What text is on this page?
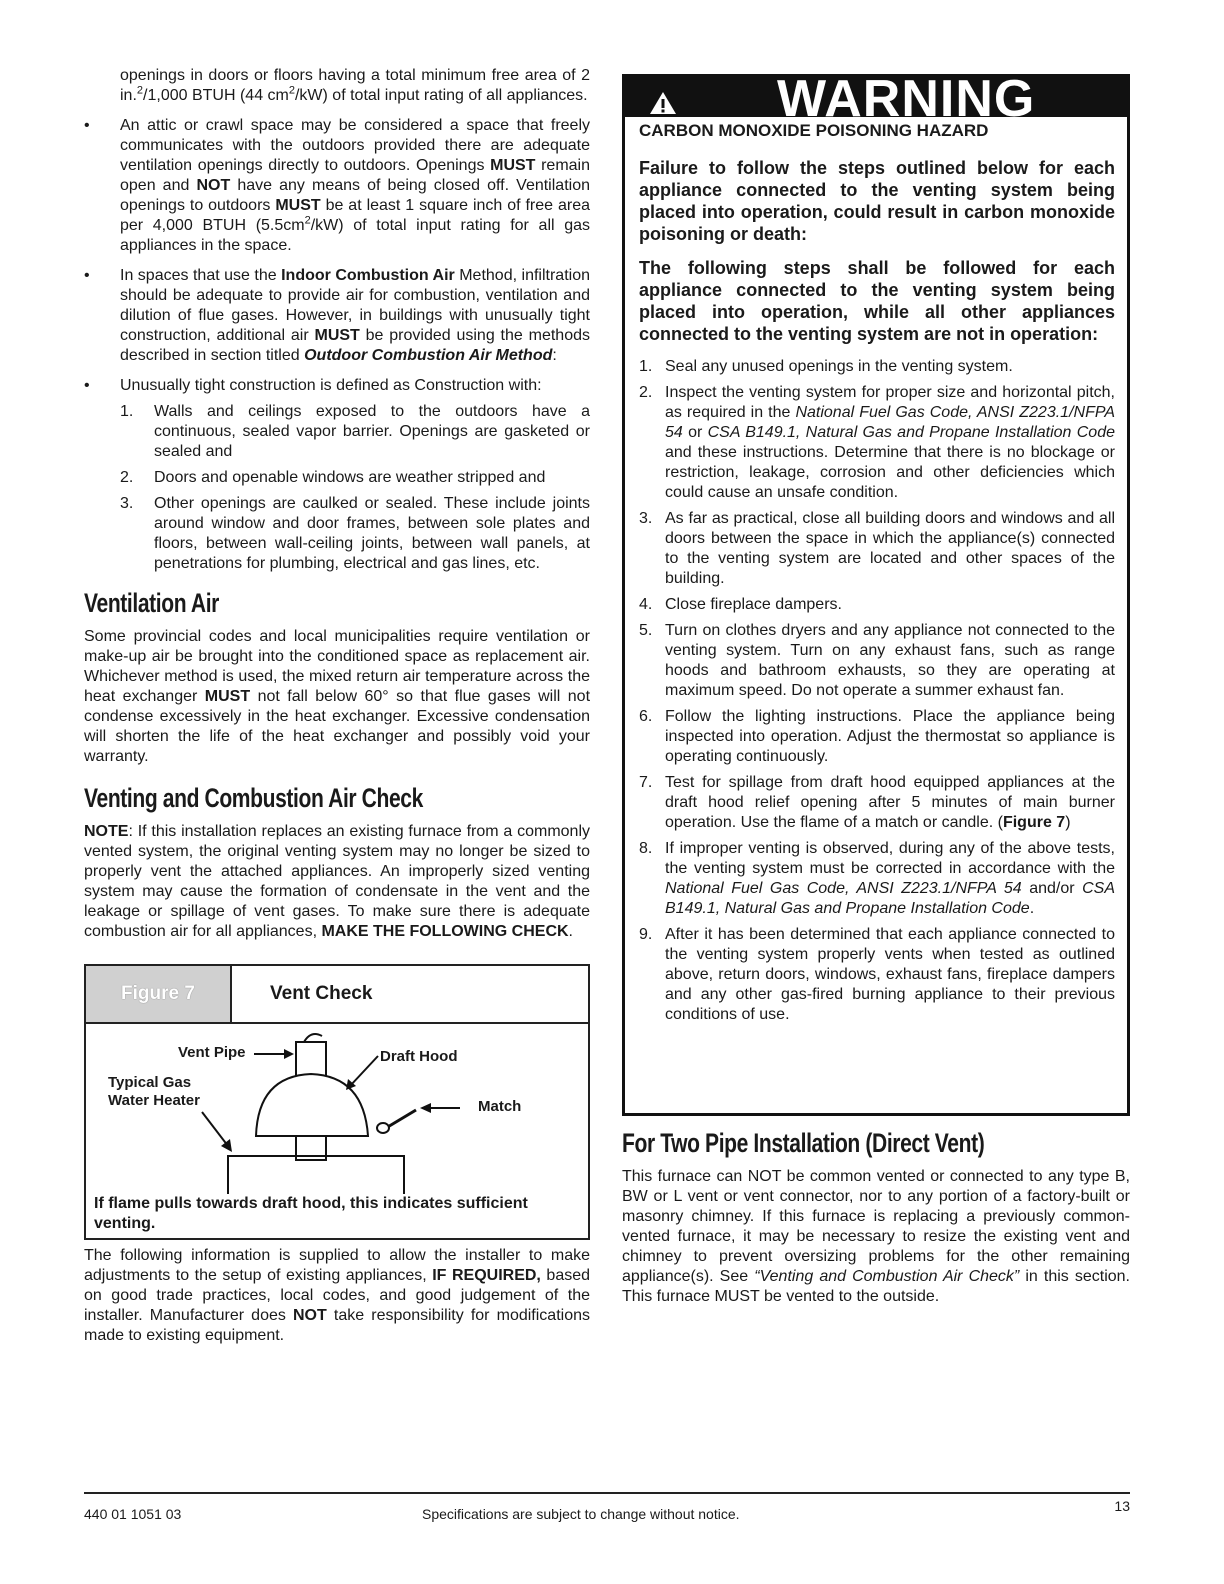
openings in doors or floors having a total minimum free area of 2 in.$^2$/1,000 BTUH (44 $cm^2/kW$) of total input rating of all appliances.

• An attic or crawl space may be considered a space that freely communicates with the outdoors provided there are adequate ventilation openings directly to outdoors. Openings MUST remain open and NOT have any means of being closed off. Ventilation openings to outdoors MUST be at least 1 square inch of free area per 4,000 BTUH $(5.5cm^2/kW)$ of total input rating for all gas appliances in the space.
• In spaces that use the Indoor Combustion Air Method, infiltration should be adequate to provide air for combustion, ventilation and dilution of flue gases. However, in buildings with unusually tight construction, additional air MUST be provided using the methods described in section titled Outdoor Combustion Air Method:
• Unusually tight construction is defined as Construction with:
1. Walls and ceilings exposed to the outdoors have a continuous, sealed vapor barrier. Openings are gasketed or sealed and
2. Doors and openable windows are weather stripped and
3. Other openings are caulked or sealed. These include joints around window and door frames, between sole plates and floors, between wall-ceiling joints, between wall panels, at penetrations for plumbing, electrical and gas lines, etc.
Ventilation Air

Some provincial codes and local municipalities require ventilation or make-up air be brought into the conditioned space as replacement air. Whichever method is used, the mixed return air temperature across the heat exchanger MUST not fall below 60° so that flue gases will not condense excessively in the heat exchanger. Excessive condensation will shorten the life of the heat exchanger and possibly void your warranty.

Venting and Combustion Air Check

NOTE: If this installation replaces an existing furnace from a commonly vented system, the original venting system may no longer be sized to properly vent the attached appliances. An improperly sized venting system may cause the formation of condensate in the vent and the leakage or spillage of vent gases. To make sure there is adequate combustion air for all appliances, MAKE THE FOLLOWING CHECK.

Figure 7	Vent Check
Vent Pipe	Draft Hood
Typical Gas Water Heater	Match
If flame pulls towards draft hood, this indicates sufficient venting.

The following information is supplied to allow the installer to make adjustments to the setup of existing appliances, IF REQUIRED, based on good trade practices, local codes, and good judgement of the installer. Manufacturer does NOT take responsibility for modifications made to existing equipment.

WARNING
CARBON MONOXIDE POISONING HAZARD
Failure to follow the steps outlined below for each appliance connected to the venting system being placed into operation, could result in carbon monoxide poisoning or death:
The following steps shall be followed for each appliance connected to the venting system being placed into operation, while all other appliances connected to the venting system are not in operation:
1. Seal any unused openings in the venting system.
2. Inspect the venting system for proper size and horizontal pitch, as required in the National Fuel Gas Code, ANSI Z223.1/NFPA 54 or CSA B149.1, Natural Gas and Propane Installation Code and these instructions. Determine that there is no blockage or restriction, leakage, corrosion and other deficiencies which could cause an unsafe condition.
3. As far as practical, close all building doors and windows and all doors between the space in which the appliance(s) connected to the venting system are located and other spaces of the building.
4. Close fireplace dampers.
5. Turn on clothes dryers and any appliance not connected to the venting system. Turn on any exhaust fans, such as range hoods and bathroom exhausts, so they are operating at maximum speed. Do not operate a summer exhaust fan.
6. Follow the lighting instructions. Place the appliance being inspected into operation. Adjust the thermostat so appliance is operating continuously.
7. Test for spillage from draft hood equipped appliances at the draft hood relief opening after 5 minutes of main burner operation. Use the flame of a match or candle. (Figure 7)
8. If improper venting is observed, during any of the above tests, the venting system must be corrected in accordance with the National Fuel Gas Code, ANSI Z223.1/NFPA 54 and/or CSA B149.1, Natural Gas and Propane Installation Code.
9. After it has been determined that each appliance connected to the venting system properly vents when tested as outlined above, return doors, windows, exhaust fans, fireplace dampers and any other gas-fired burning appliance to their previous conditions of use.
For Two Pipe Installation (Direct Vent)

This furnace can NOT be common vented or connected to any type B, BW or L vent or vent connector, nor to any portion of a factory-built or masonry chimney. If this furnace is replacing a previously common-vented furnace, it may be necessary to resize the existing vent and chimney to prevent oversizing problems for the other remaining appliance(s). See “Venting and Combustion Air Check” in this section. This furnace MUST be vented to the outside.

440 01 1051 03	Specifications are subject to change without notice.	13
